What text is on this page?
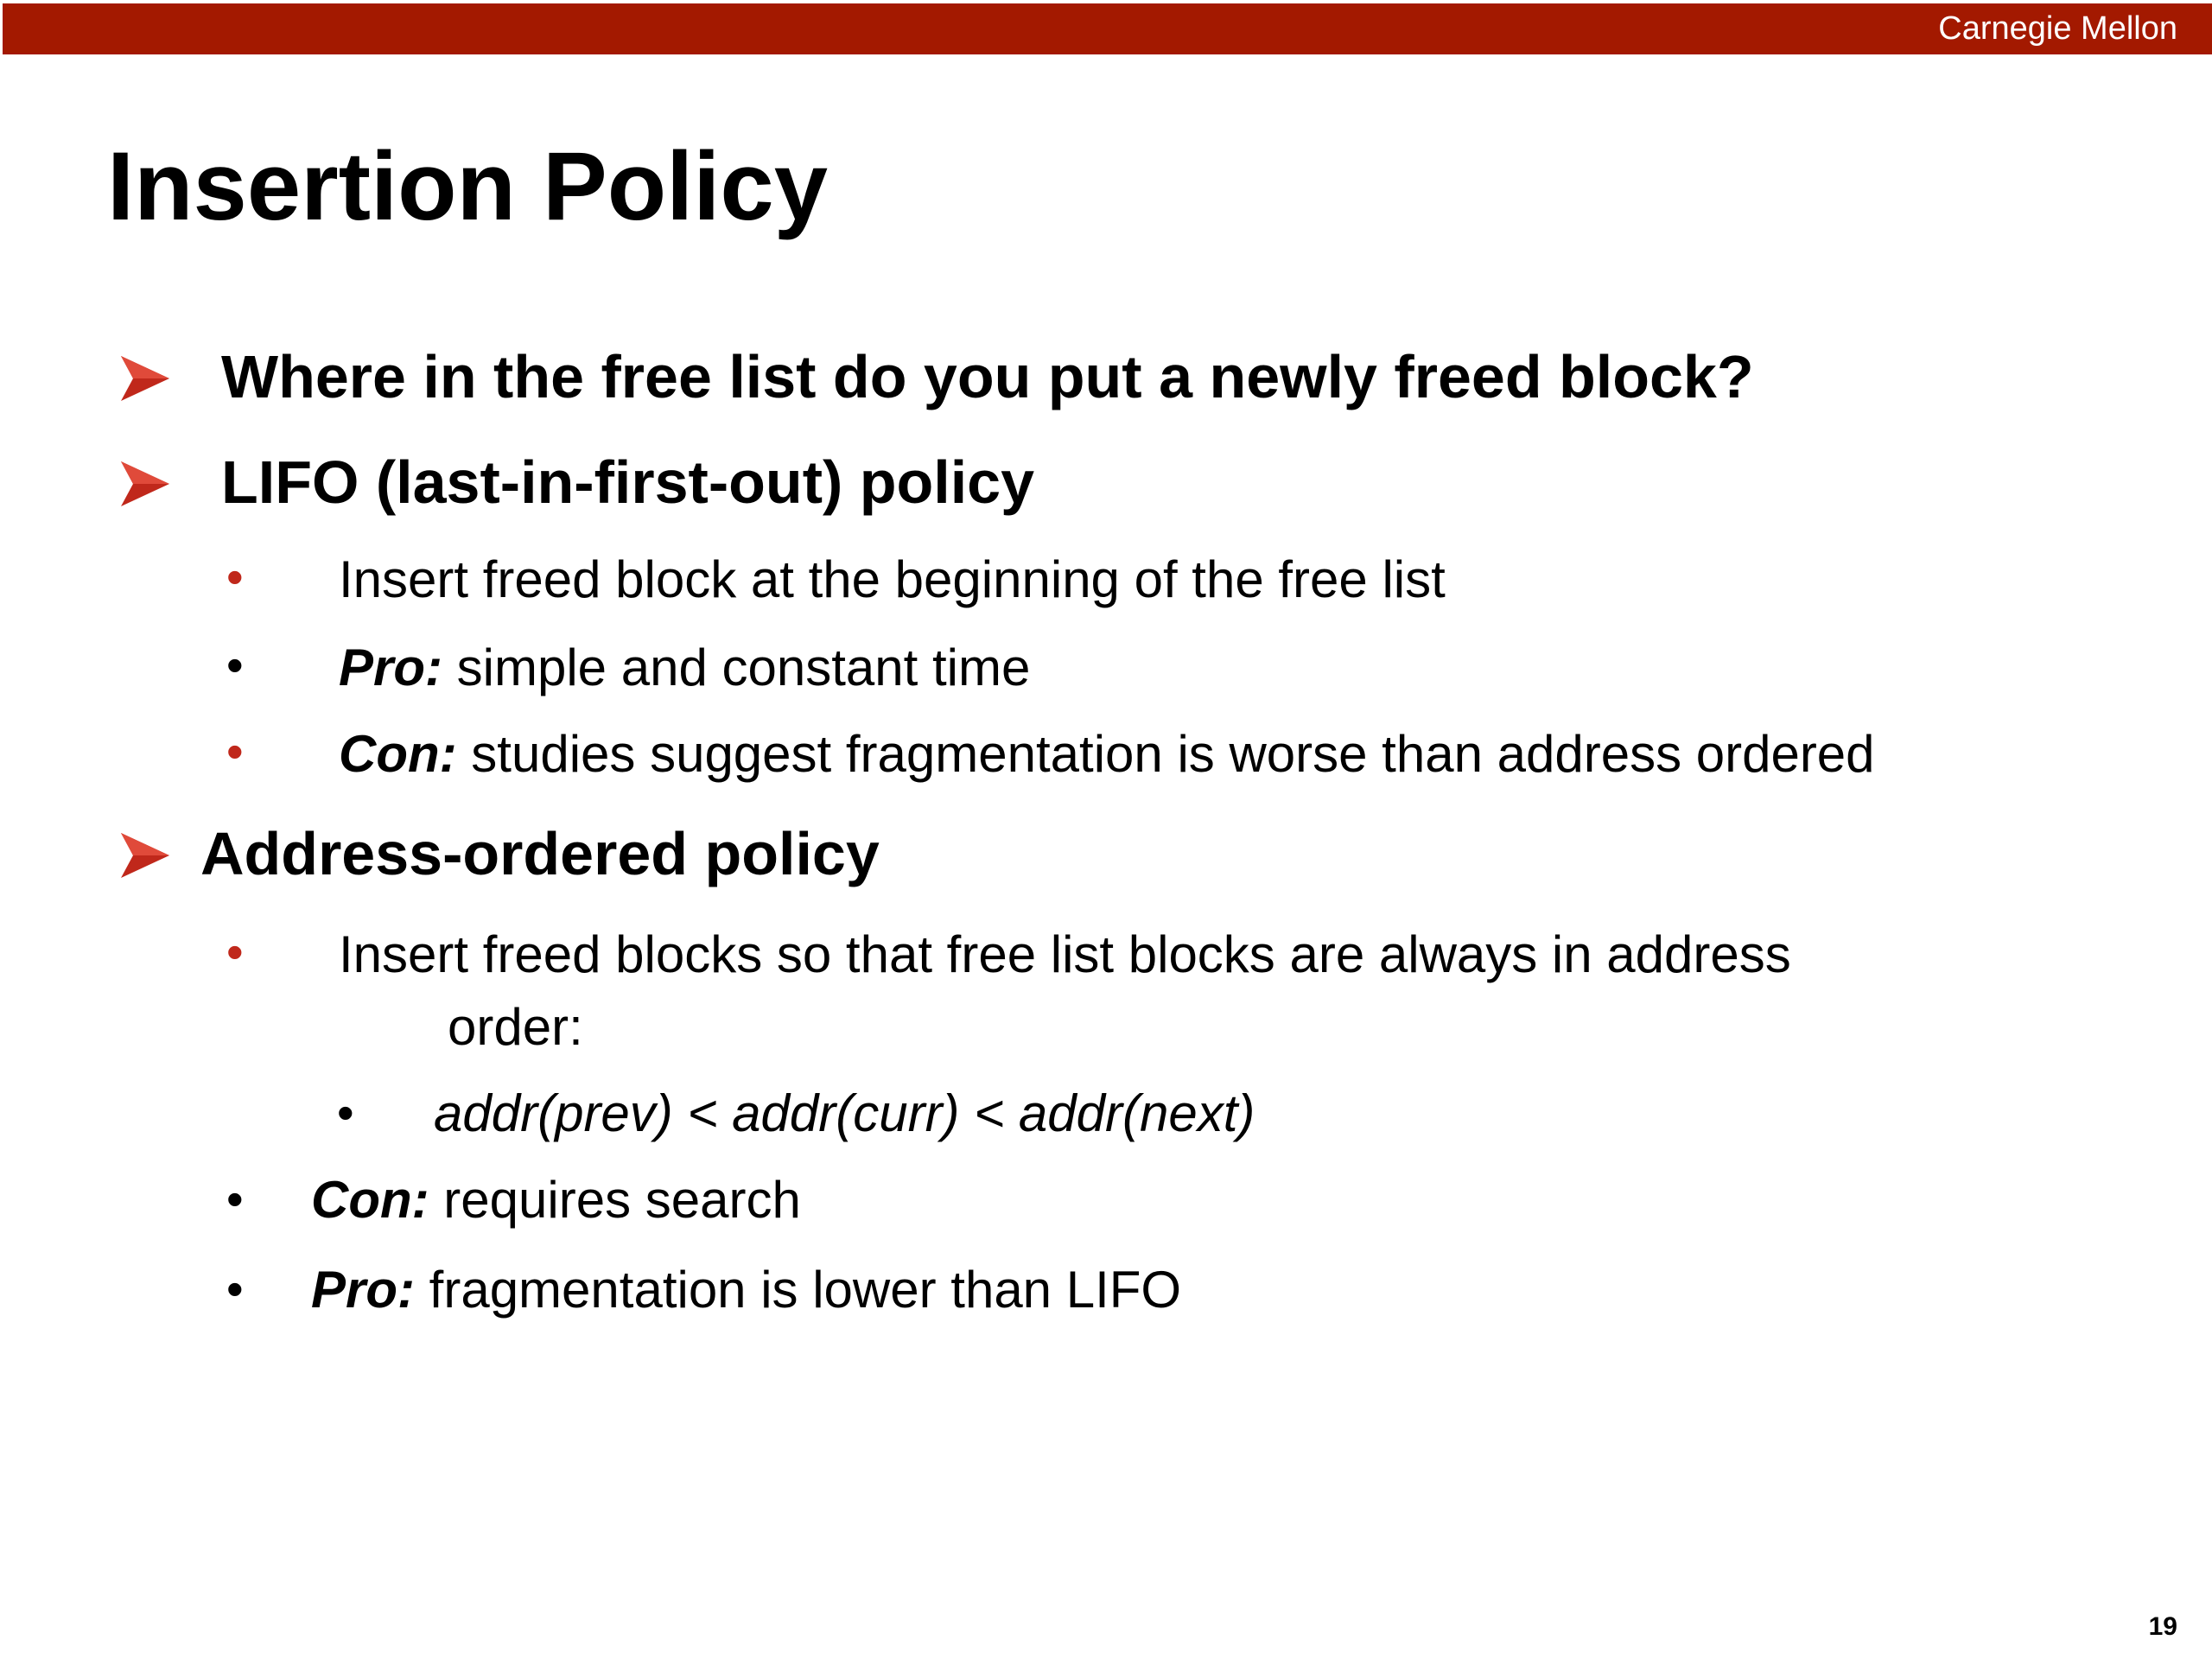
Carnegie Mellon
Insertion Policy
Where in the free list do you put a newly freed block?
LIFO (last-in-first-out) policy
• Insert freed block at the beginning of the free list
• Pro: simple and constant time
• Con: studies suggest fragmentation is worse than address ordered
Address-ordered policy
• Insert freed blocks so that free list blocks are always in address
order:
• addr(prev) < addr(curr) < addr(next)
• Con: requires search
• Pro: fragmentation is lower than LIFO
19
